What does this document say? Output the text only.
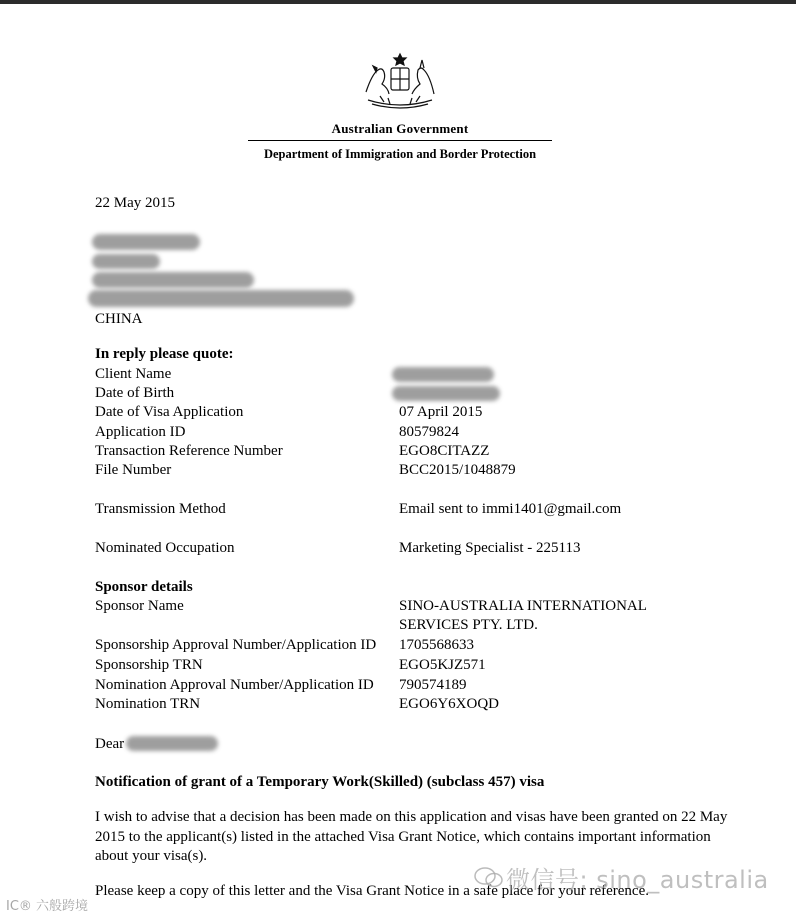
Australian Government
Department of Immigration and Border Protection
22 May 2015
CHINA
In reply please quote:
Client Name
Date of Birth
Date of Visa Application	07 April 2015
Application ID	80579824
Transaction Reference Number	EGO8CITAZZ
File Number	BCC2015/1048879
Transmission Method	Email sent to immi1401@gmail.com
Nominated Occupation	Marketing Specialist - 225113
Sponsor details
Sponsor Name	SINO-AUSTRALIA INTERNATIONAL
SERVICES PTY. LTD.
Sponsorship Approval Number/Application ID 1705568633
Sponsorship TRN	EGO5KJZ571
Nomination Approval Number/Application ID 790574189
Nomination TRN	EGO6Y6XOQD
Dear
Notification of grant of a Temporary Work(Skilled) (subclass 457) visa
I wish to advise that a decision has been made on this application and visas have been granted on 22 May 2015 to the applicant(s) listed in the attached Visa Grant Notice, which contains important information about your visa(s).
Please keep a copy of this letter and the Visa Grant Notice in a safe place for your reference.
微信号: sino_australia
IC® 六般跨境
